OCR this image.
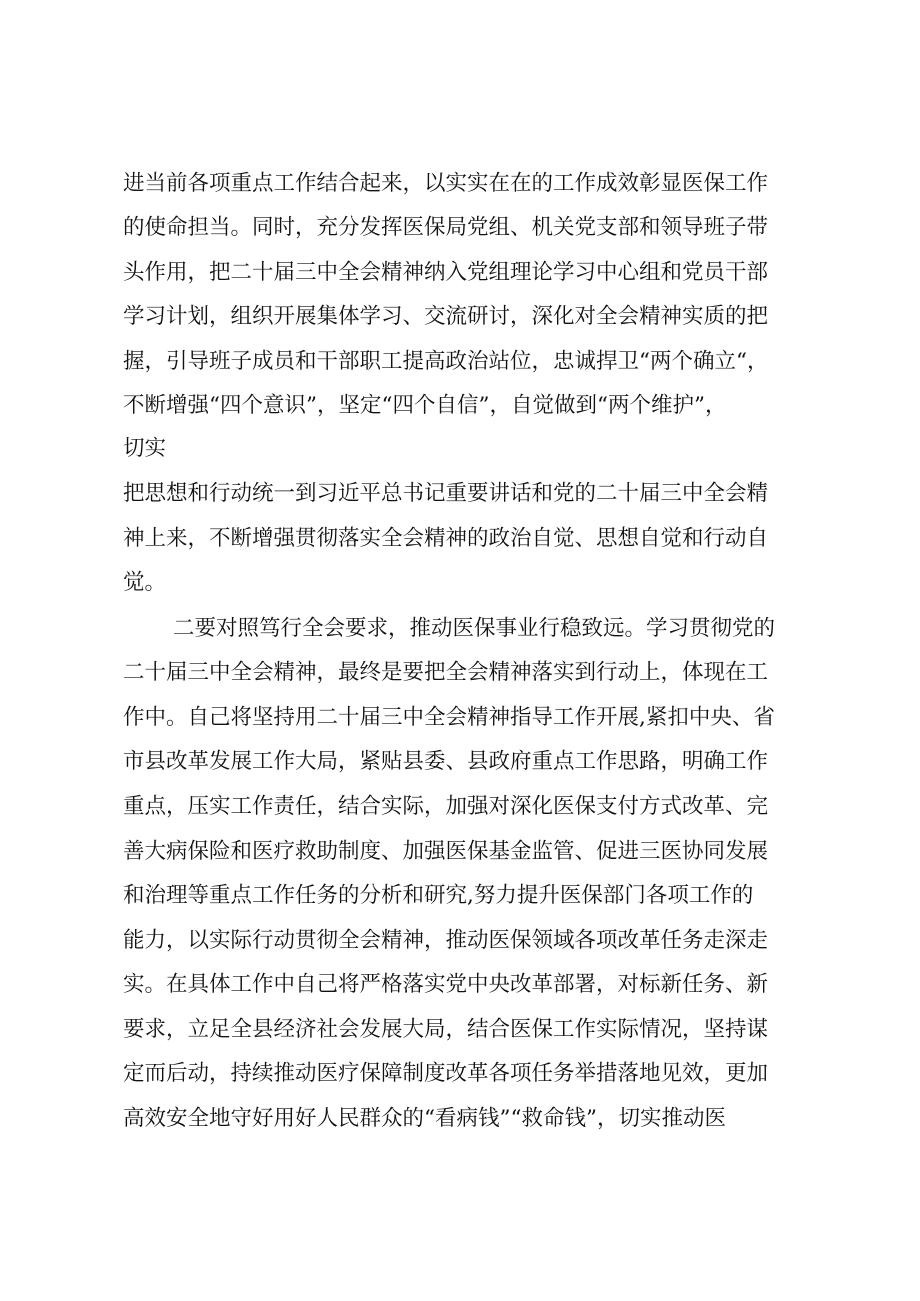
进当前各项重点工作结合起来，以实实在在的工作成效彰显医保工作
的使命担当。同时，充分发挥医保局党组、机关党支部和领导班子带
头作用，把二十届三中全会精神纳入党组理论学习中心组和党员干部
学习计划，组织开展集体学习、交流研讨，深化对全会精神实质的把
握，引导班子成员和干部职工提高政治站位，忠诚捍卫“两个确立“，
不断增强“四个意识”，坚定“四个自信”，自觉做到“两个维护”，
切实
把思想和行动统一到习近平总书记重要讲话和党的二十届三中全会精
神上来，不断增强贯彻落实全会精神的政治自觉、思想自觉和行动自
觉。
二要对照笃行全会要求，推动医保事业行稳致远。学习贯彻党的
二十届三中全会精神，最终是要把全会精神落实到行动上，体现在工
作中。自己将坚持用二十届三中全会精神指导工作开展,紧扣中央、省
市县改革发展工作大局，紧贴县委、县政府重点工作思路，明确工作
重点，压实工作责任，结合实际，加强对深化医保支付方式改革、完
善大病保险和医疗救助制度、加强医保基金监管、促进三医协同发展
和治理等重点工作任务的分析和研究,努力提升医保部门各项工作的
能力，以实际行动贯彻全会精神，推动医保领域各项改革任务走深走
实。在具体工作中自己将严格落实党中央改革部署，对标新任务、新
要求，立足全县经济社会发展大局，结合医保工作实际情况，坚持谋
定而后动，持续推动医疗保障制度改革各项任务举措落地见效，更加
高效安全地守好用好人民群众的“看病钱”“救命钱”，切实推动医
